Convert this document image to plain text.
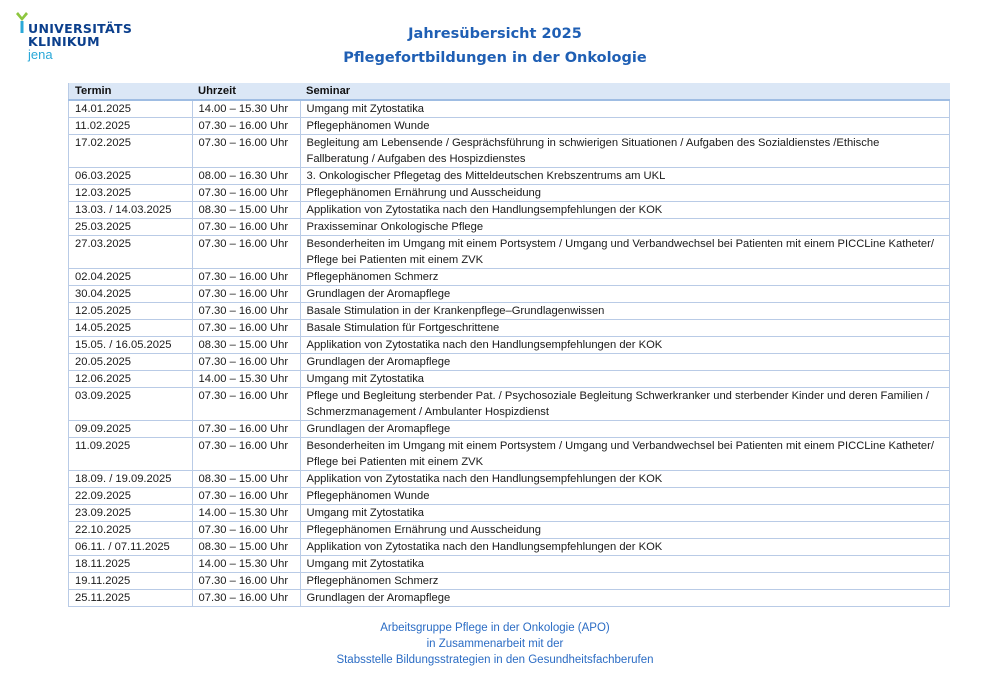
UNIVERSITÄTS
KLINIKUM
jena
Jahresübersicht 2025
Pflegefortbildungen in der Onkologie
Termin	Uhrzeit	Seminar
14.01.2025	14.00 – 15.30 Uhr	Umgang mit Zytostatika
11.02.2025	07.30 – 16.00 Uhr	Pflegephänomen Wunde
17.02.2025	07.30 – 16.00 Uhr	Begleitung am Lebensende / Gesprächsführung in schwierigen Situationen / Aufgaben des Sozialdienstes /Ethische Fallberatung / Aufgaben des Hospizdienstes
06.03.2025	08.00 – 16.30 Uhr	3. Onkologischer Pflegetag des Mitteldeutschen Krebszentrums am UKL
12.03.2025	07.30 – 16.00 Uhr	Pflegephänomen Ernährung und Ausscheidung
13.03. / 14.03.2025	08.30 – 15.00 Uhr	Applikation von Zytostatika nach den Handlungsempfehlungen der KOK
25.03.2025	07.30 – 16.00 Uhr	Praxisseminar Onkologische Pflege
27.03.2025	07.30 – 16.00 Uhr	Besonderheiten im Umgang mit einem Portsystem / Umgang und Verbandwechsel bei Patienten mit einem PICCLine Katheter/ Pflege bei Patienten mit einem ZVK
02.04.2025	07.30 – 16.00 Uhr	Pflegephänomen Schmerz
30.04.2025	07.30 – 16.00 Uhr	Grundlagen der Aromapflege
12.05.2025	07.30 – 16.00 Uhr	Basale Stimulation in der Krankenpflege–Grundlagenwissen
14.05.2025	07.30 – 16.00 Uhr	Basale Stimulation für Fortgeschrittene
15.05. / 16.05.2025	08.30 – 15.00 Uhr	Applikation von Zytostatika nach den Handlungsempfehlungen der KOK
20.05.2025	07.30 – 16.00 Uhr	Grundlagen der Aromapflege
12.06.2025	14.00 – 15.30 Uhr	Umgang mit Zytostatika
03.09.2025	07.30 – 16.00 Uhr	Pflege und Begleitung sterbender Pat. / Psychosoziale Begleitung Schwerkranker und sterbender Kinder und deren Familien / Schmerzmanagement / Ambulanter Hospizdienst
09.09.2025	07.30 – 16.00 Uhr	Grundlagen der Aromapflege
11.09.2025	07.30 – 16.00 Uhr	Besonderheiten im Umgang mit einem Portsystem / Umgang und Verbandwechsel bei Patienten mit einem PICCLine Katheter/ Pflege bei Patienten mit einem ZVK
18.09. / 19.09.2025	08.30 – 15.00 Uhr	Applikation von Zytostatika nach den Handlungsempfehlungen der KOK
22.09.2025	07.30 – 16.00 Uhr	Pflegephänomen Wunde
23.09.2025	14.00 – 15.30 Uhr	Umgang mit Zytostatika
22.10.2025	07.30 – 16.00 Uhr	Pflegephänomen Ernährung und Ausscheidung
06.11. / 07.11.2025	08.30 – 15.00 Uhr	Applikation von Zytostatika nach den Handlungsempfehlungen der KOK
18.11.2025	14.00 – 15.30 Uhr	Umgang mit Zytostatika
19.11.2025	07.30 – 16.00 Uhr	Pflegephänomen Schmerz
25.11.2025	07.30 – 16.00 Uhr	Grundlagen der Aromapflege
Arbeitsgruppe Pflege in der Onkologie (APO)
in Zusammenarbeit mit der
Stabsstelle Bildungsstrategien in den Gesundheitsfachberufen
